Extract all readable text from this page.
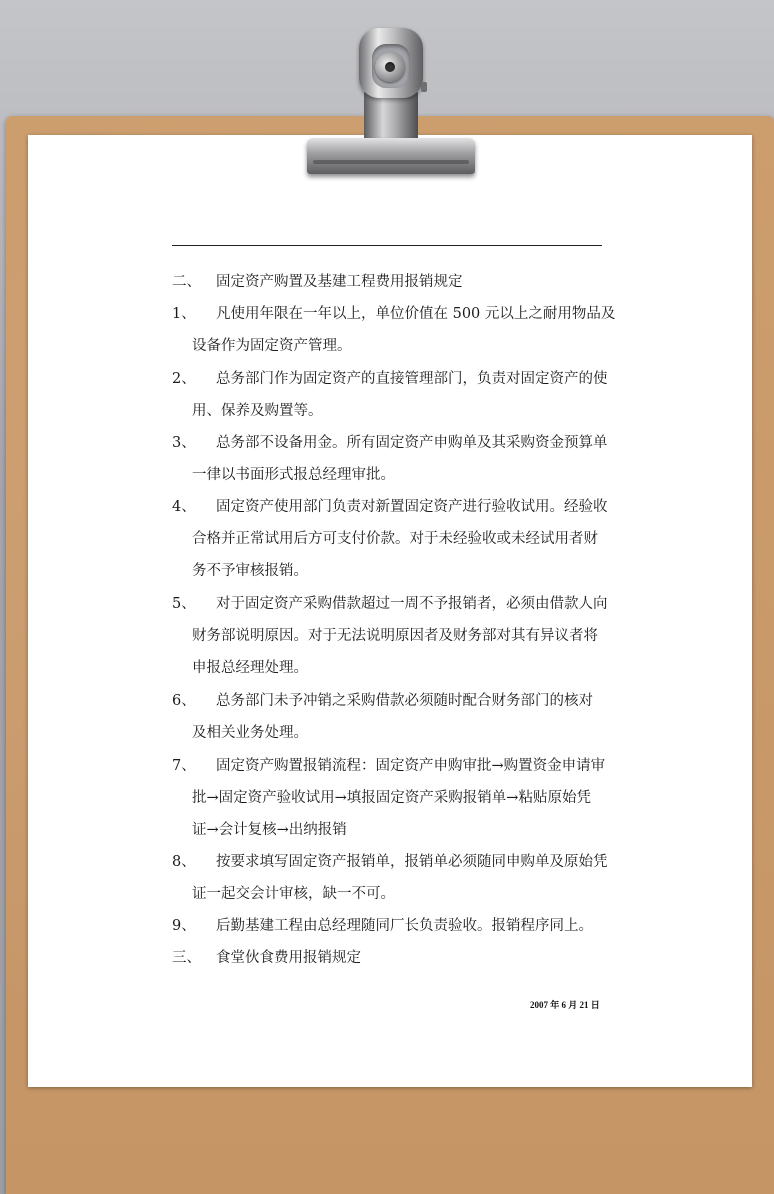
二、 固定资产购置及基建工程费用报销规定
1、 凡使用年限在一年以上，单位价值在 500 元以上之耐用物品及
设备作为固定资产管理。
2、 总务部门作为固定资产的直接管理部门，负责对固定资产的使
用、保养及购置等。
3、 总务部不设备用金。所有固定资产申购单及其采购资金预算单
一律以书面形式报总经理审批。
4、 固定资产使用部门负责对新置固定资产进行验收试用。经验收
合格并正常试用后方可支付价款。对于未经验收或未经试用者财
务不予审核报销。
5、 对于固定资产采购借款超过一周不予报销者，必须由借款人向
财务部说明原因。对于无法说明原因者及财务部对其有异议者将
申报总经理处理。
6、 总务部门未予冲销之采购借款必须随时配合财务部门的核对
及相关业务处理。
7、 固定资产购置报销流程：固定资产申购审批→购置资金申请审
批→固定资产验收试用→填报固定资产采购报销单→粘贴原始凭
证→会计复核→出纳报销
8、 按要求填写固定资产报销单，报销单必须随同申购单及原始凭
证一起交会计审核，缺一不可。
9、 后勤基建工程由总经理随同厂长负责验收。报销程序同上。
三、 食堂伙食费用报销规定
2007 年 6 月 21 日
